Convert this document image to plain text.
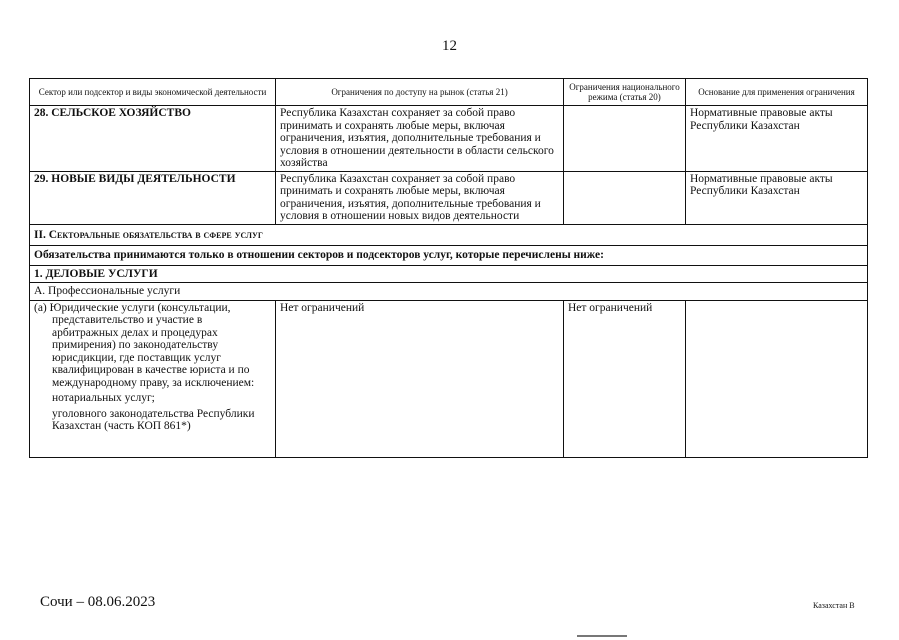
12
Сектор или подсектор и виды экономической деятельности	Ограничения по доступу на рынок (статья 21)	Ограничения национального режима (статья 20)	Основание для применения ограничения
28. СЕЛЬСКОЕ ХОЗЯЙСТВО	Республика Казахстан сохраняет за собой право принимать и сохранять любые меры, включая ограничения, изъятия, дополнительные требования и условия в отношении деятельности в области сельского хозяйства		Нормативные правовые акты Республики Казахстан
29. НОВЫЕ ВИДЫ ДЕЯТЕЛЬНОСТИ	Республика Казахстан сохраняет за собой право принимать и сохранять любые меры, включая ограничения, изъятия, дополнительные требования и условия в отношении новых видов деятельности		Нормативные правовые акты Республики Казахстан
II. Секторальные обязательства в сфере услуг			
Обязательства принимаются только в отношении секторов и подсекторов услуг, которые перечислены ниже:			
1. ДЕЛОВЫЕ УСЛУГИ			
А. Профессиональные услуги			

(a) Юридические услуги (консультации, представительство и участие в арбитражных делах и процедурах примирения) по законодательству юрисдикции, где поставщик услуг квалифицирован в качестве юриста и по международному праву, за исключением:

нотариальных услуг;

уголовного законодательства Республики Казахстан (часть КОП 861*)	Нет ограничений	Нет ограничений	
Сочи – 08.06.2023	Казахстан В
